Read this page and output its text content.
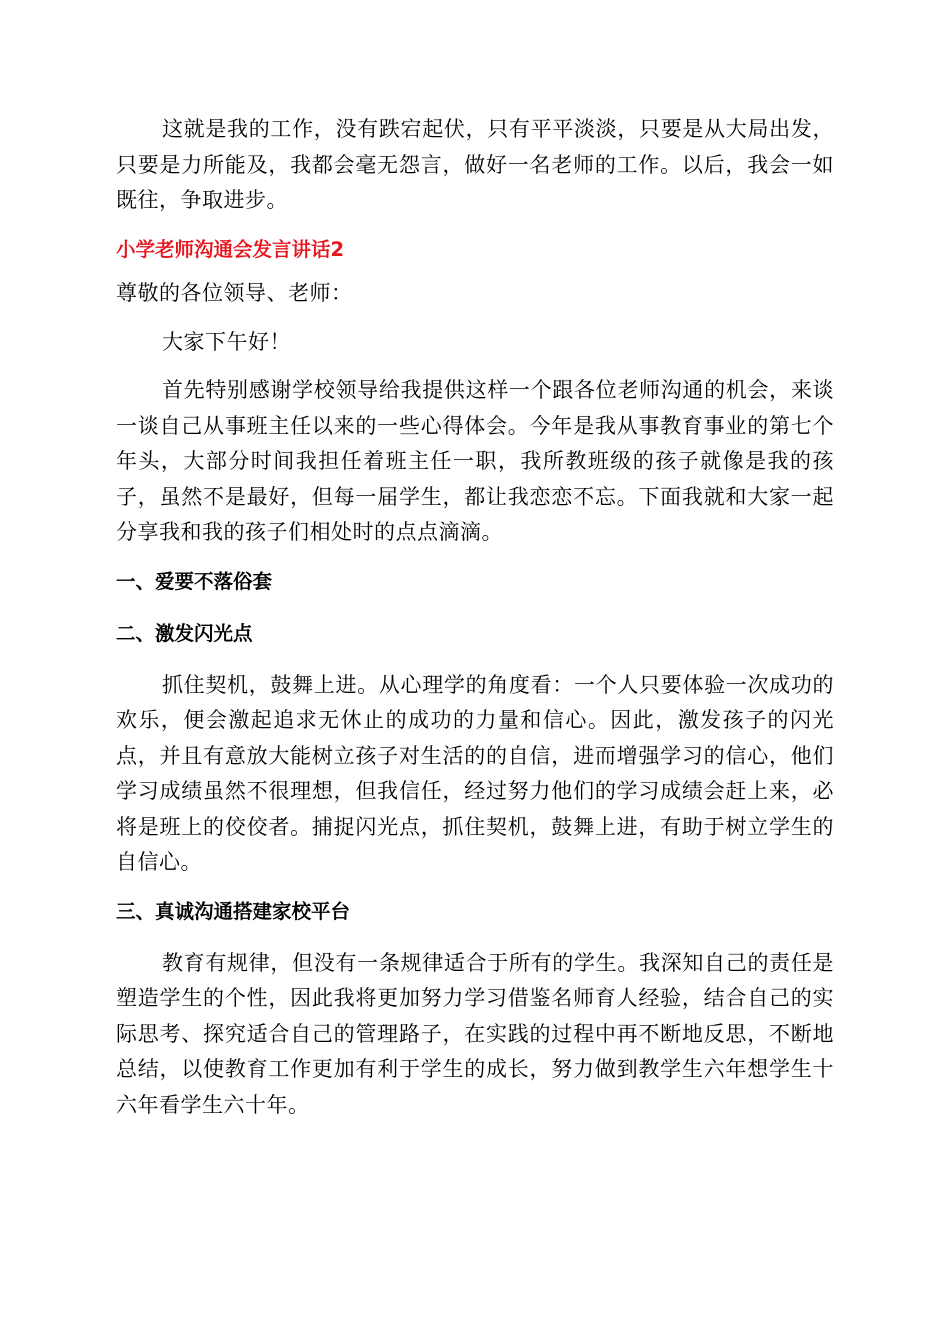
这就是我的工作，没有跌宕起伏，只有平平淡淡，只要是从大局出发，只要是力所能及，我都会毫无怨言，做好一名老师的工作。以后，我会一如既往，争取进步。

小学老师沟通会发言讲话2
尊敬的各位领导、老师：

大家下午好！

首先特别感谢学校领导给我提供这样一个跟各位老师沟通的机会，来谈一谈自己从事班主任以来的一些心得体会。今年是我从事教育事业的第七个年头，大部分时间我担任着班主任一职，我所教班级的孩子就像是我的孩子，虽然不是最好，但每一届学生，都让我恋恋不忘。下面我就和大家一起分享我和我的孩子们相处时的点点滴滴。

一、爱要不落俗套
二、激发闪光点

抓住契机，鼓舞上进。从心理学的角度看：一个人只要体验一次成功的欢乐，便会激起追求无休止的成功的力量和信心。因此，激发孩子的闪光点，并且有意放大能树立孩子对生活的的自信，进而增强学习的信心，他们学习成绩虽然不很理想，但我信任，经过努力他们的学习成绩会赶上来，必将是班上的佼佼者。捕捉闪光点，抓住契机，鼓舞上进，有助于树立学生的自信心。

三、真诚沟通搭建家校平台

教育有规律，但没有一条规律适合于所有的学生。我深知自己的责任是塑造学生的个性，因此我将更加努力学习借鉴名师育人经验，结合自己的实际思考、探究适合自己的管理路子，在实践的过程中再不断地反思，不断地总结，以使教育工作更加有利于学生的成长，努力做到教学生六年想学生十六年看学生六十年。
